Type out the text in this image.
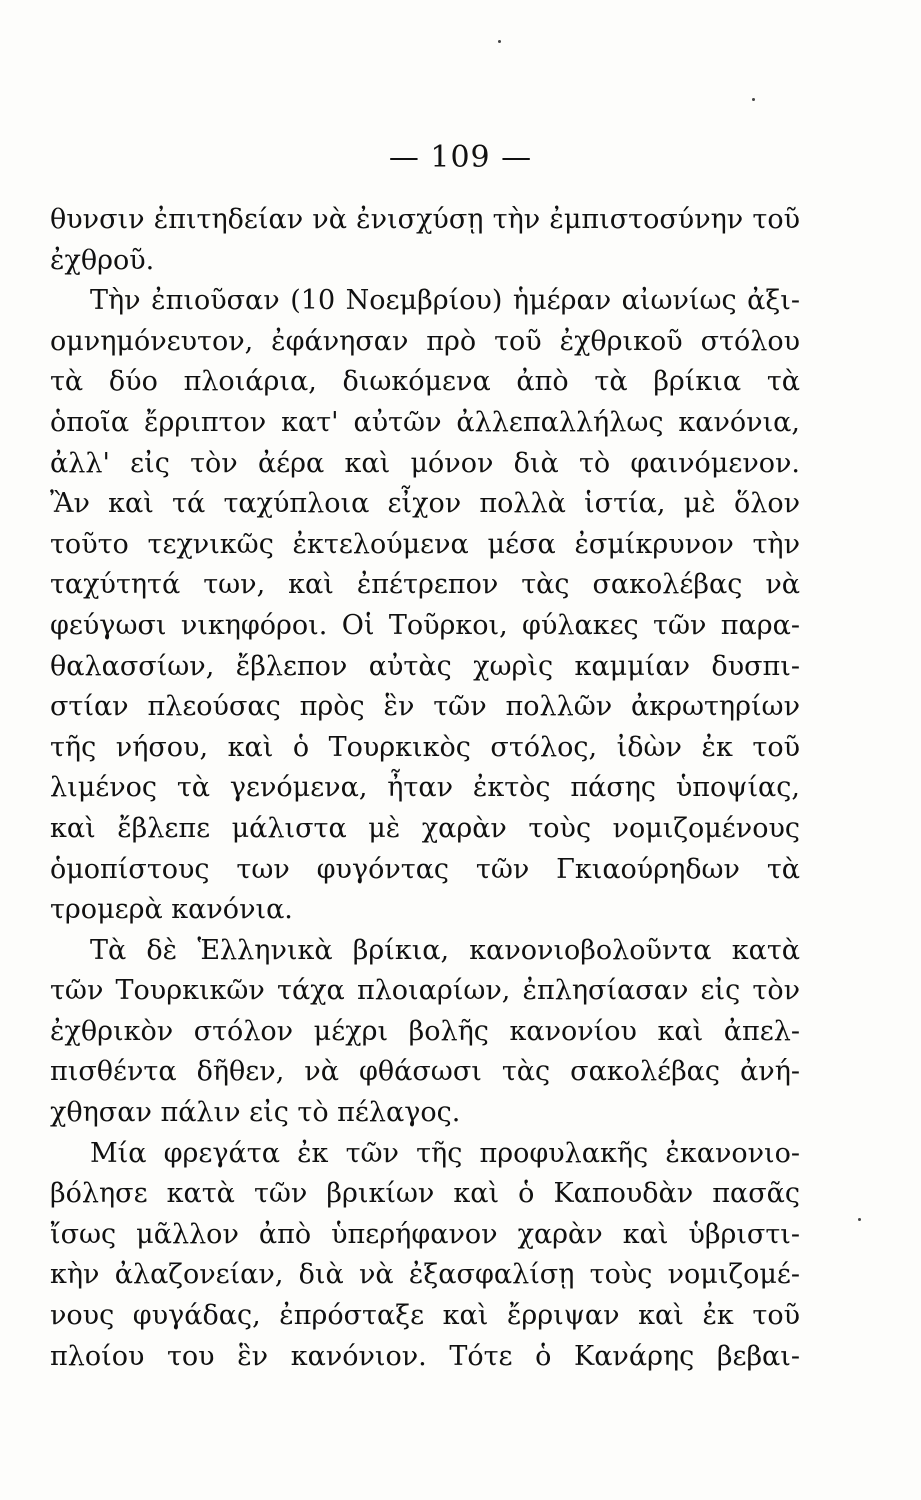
— 109 —
θυνσιν ἐπιτηδείαν νὰ ἐνισχύσῃ τὴν ἐμπιστοσύνην τοῦ
ἐχθροῦ.
Τὴν ἐπιοῦσαν (10 Νοεμβρίου) ἡμέραν αἰωνίως ἀξι-
ομνημόνευτον, ἐφάνησαν πρὸ τοῦ ἐχθρικοῦ στόλου
τὰ δύο πλοιάρια, διωκόμενα ἀπὸ τὰ βρίκια τὰ
ὁποῖα ἔρριπτον κατ' αὐτῶν ἀλλεπαλλήλως κανόνια,
ἀλλ' εἰς τὸν ἀέρα καὶ μόνον διὰ τὸ φαινόμενον.
Ἂν καὶ τά ταχύπλοια εἶχον πολλὰ ἱστία, μὲ ὅλον
τοῦτο τεχνικῶς ἐκτελούμενα μέσα ἐσμίκρυνον τὴν
ταχύτητά των, καὶ ἐπέτρεπον τὰς σακολέβας νὰ
φεύγωσι νικηφόροι. Οἱ Τοῦρκοι, φύλακες τῶν παρα-
θαλασσίων, ἔβλεπον αὐτὰς χωρὶς καμμίαν δυσπι-
στίαν πλεούσας πρὸς ἓν τῶν πολλῶν ἀκρωτηρίων
τῆς νήσου, καὶ ὁ Τουρκικὸς στόλος, ἰδὼν ἐκ τοῦ
λιμένος τὰ γενόμενα, ἦταν ἐκτὸς πάσης ὑποψίας,
καὶ ἔβλεπε μάλιστα μὲ χαρὰν τοὺς νομιζομένους
ὁμοπίστους των φυγόντας τῶν Γκιαούρηδων τὰ
τρομερὰ κανόνια.
Τὰ δὲ Ἑλληνικὰ βρίκια, κανονιοβολοῦντα κατὰ
τῶν Τουρκικῶν τάχα πλοιαρίων, ἐπλησίασαν εἰς τὸν
ἐχθρικὸν στόλον μέχρι βολῆς κανονίου καὶ ἀπελ-
πισθέντα δῆθεν, νὰ φθάσωσι τὰς σακολέβας ἀνή-
χθησαν πάλιν εἰς τὸ πέλαγος.
Μία φρεγάτα ἐκ τῶν τῆς προφυλακῆς ἐκανονιο-
βόλησε κατὰ τῶν βρικίων καὶ ὁ Καπουδὰν πασᾶς
ἴσως μᾶλλον ἀπὸ ὑπερήφανον χαρὰν καὶ ὑβριστι-
κὴν ἀλαζονείαν, διὰ νὰ ἐξασφαλίσῃ τοὺς νομιζομέ-
νους φυγάδας, ἐπρόσταξε καὶ ἔρριψαν καὶ ἐκ τοῦ
πλοίου του ἓν κανόνιον. Τότε ὁ Κανάρης βεβαι-
